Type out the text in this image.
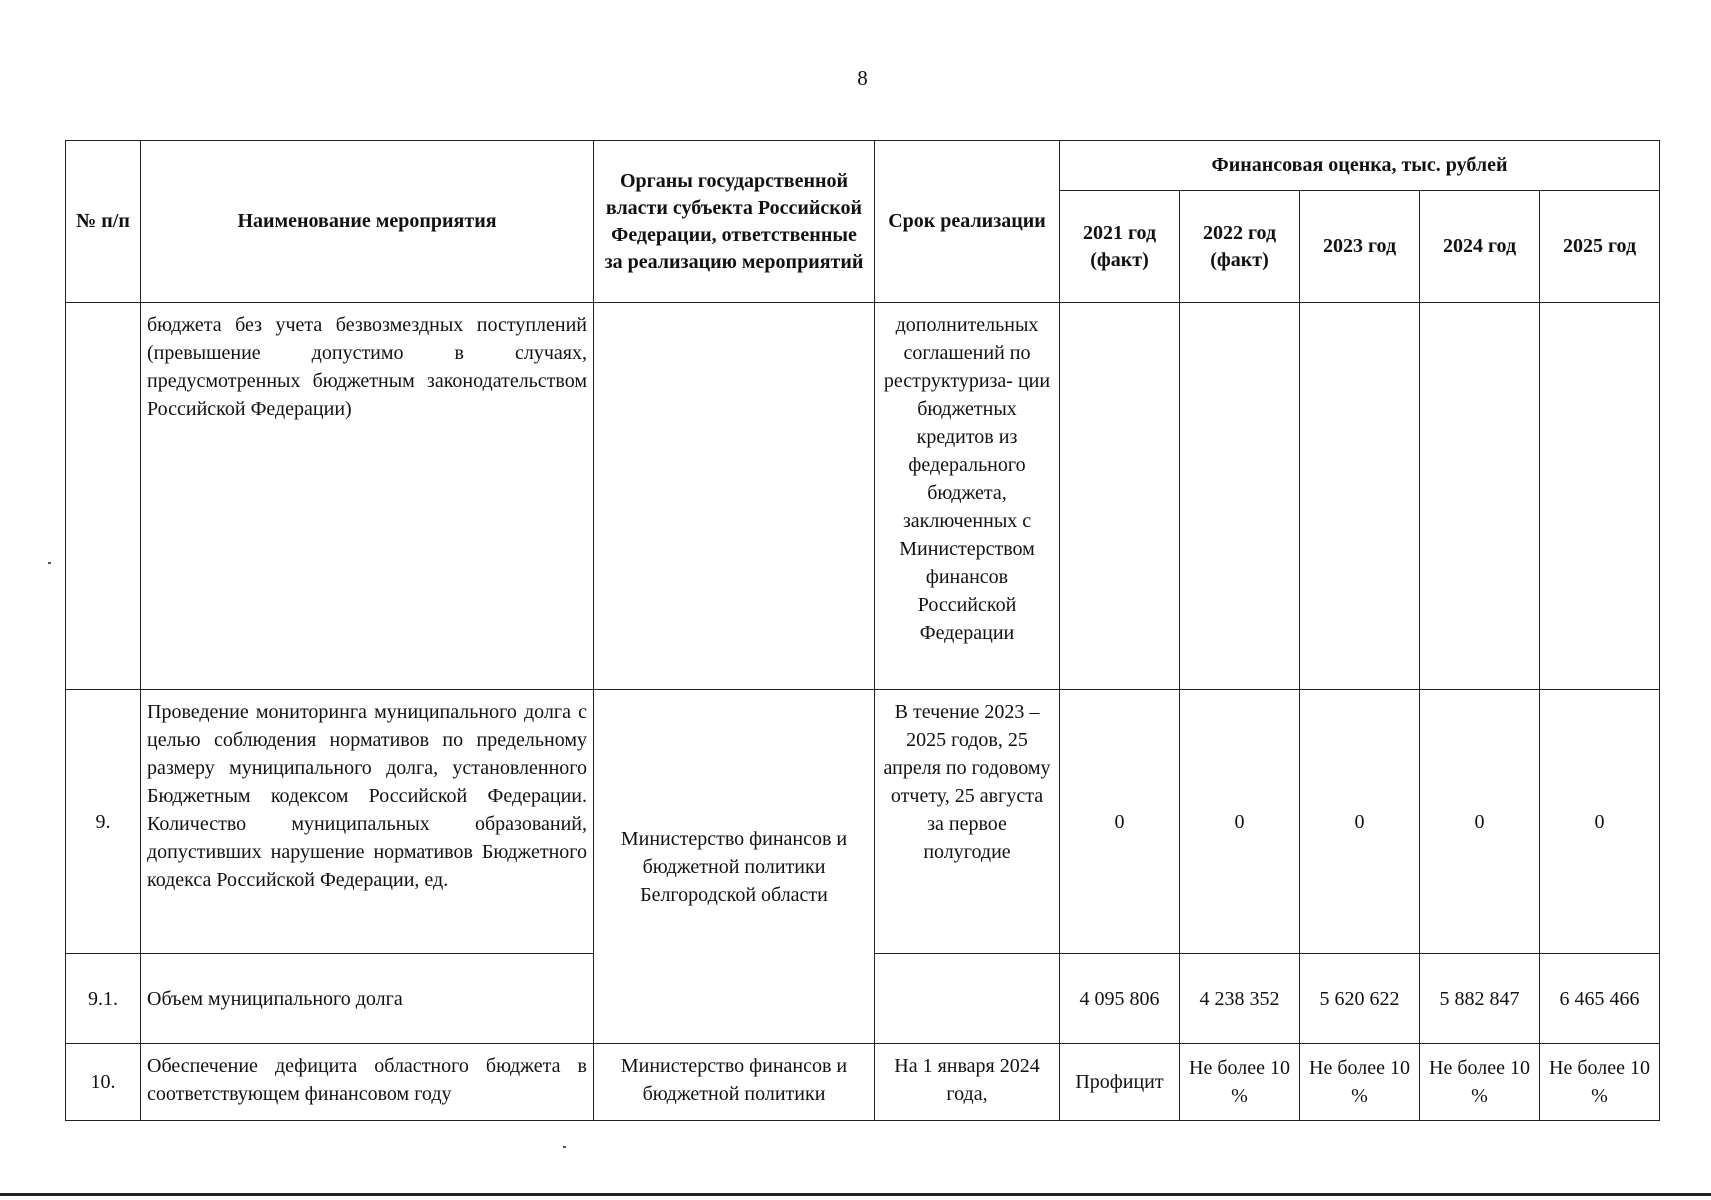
8
№ п/п	Наименование мероприятия	Органы государственной власти субъекта Российской Федерации, ответственные за реализацию мероприятий	Срок реализации	Финансовая оценка, тыс. рублей				
				2021 год (факт)	2022 год (факт)	2023 год	2024 год	2025 год
	бюджета без учета безвозмездных поступлений (превышение допустимо в случаях, предусмотренных бюджетным законодательством Российской Федерации)		дополнительных соглашений по реструктуриза- ции бюджетных кредитов из федерального бюджета, заключенных с Министерством финансов Российской Федерации					
9.	Проведение мониторинга муниципального долга с целью соблюдения нормативов по предельному размеру муниципального долга, установленного Бюджетным кодексом Российской Федерации. Количество муниципальных образований, допустивших нарушение нормативов Бюджетного кодекса Российской Федерации, ед.	Министерство финансов и бюджетной политики Белгородской области	В течение 2023 – 2025 годов, 25 апреля по годовому отчету, 25 августа за первое полугодие	0	0	0	0	0
9.1.	Объем муниципального долга			4 095 806	4 238 352	5 620 622	5 882 847	6 465 466
10.	Обеспечение дефицита областного бюджета в соответствующем финансовом году	Министерство финансов и бюджетной политики	На 1 января 2024 года,	Профицит	Не более 10 %	Не более 10 %	Не более 10 %	Не более 10 %
